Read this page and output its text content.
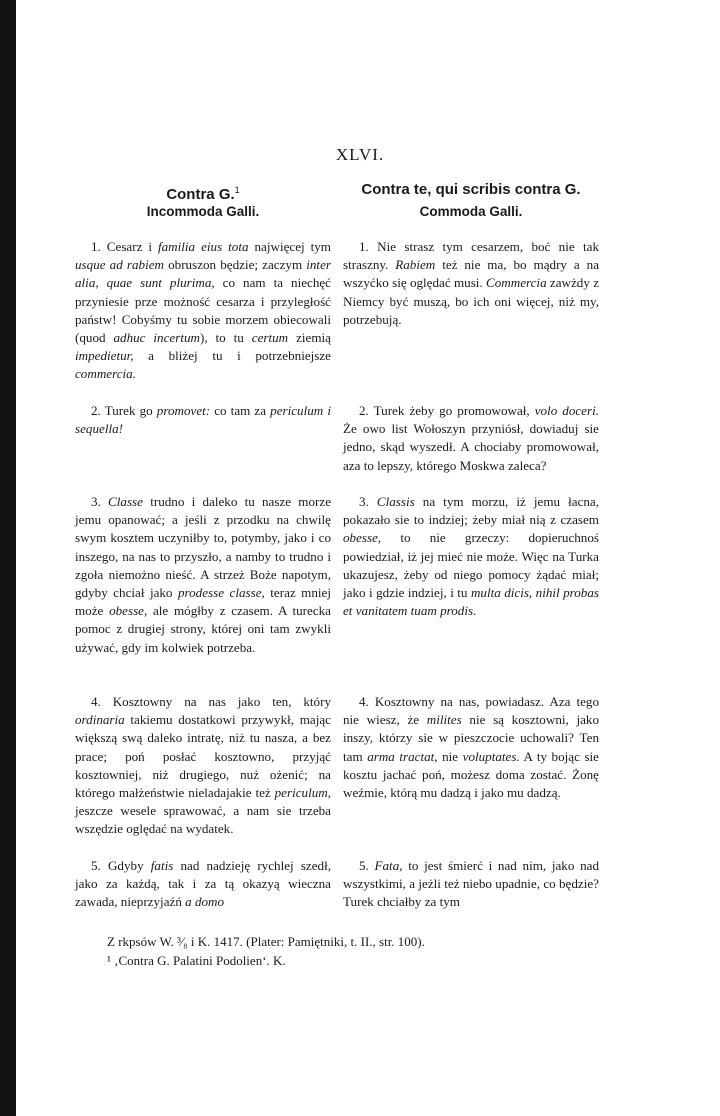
XLVI.
Contra G.$^1$
Incommoda Galli.

1. Cesarz i familia eius tota najwięcej tym usque ad rabiem obruszon będzie; zaczym inter alia, quae sunt plurima, co nam ta niechęć przyniesie prze możność cesarza i przyległość państw! Cobyśmy tu sobie morzem obiecowali (quod adhuc incertum), to tu certum ziemią impedietur, a bliżej tu i potrzebniejsze commercia.

2. Turek go promovet: co tam za periculum i sequella!

3. Classe trudno i daleko tu nasze morze jemu opanować; a jeśli z przodku na chwilę swym kosztem uczyniłby to, potymby, jako i co inszego, na nas to przyszło, a namby to trudno i zgoła niemożno nieść. A strzeż Boże napotym, gdyby chciał jako prodesse classe, teraz mniej może obesse, ale mógłby z czasem. A turecka pomoc z drugiej strony, której oni tam zwykli używać, gdy im kolwiek potrzeba.

4. Kosztowny na nas jako ten, który ordinaria takiemu dostatkowi przywykł, mając większą swą daleko intratę, niż tu nasza, a bez prace; poń posłać kosztowno, przyjąć kosztowniej, niż drugiego, nuż ożenić; na którego małżeństwie nieladajakie też periculum, jeszcze wesele sprawować, a nam sie trzeba wszędzie oględać na wydatek.

5. Gdyby fatis nad nadzieję rychlej szedł, jako za każdą, tak i za tą okazyą wieczna zawada, nieprzyjaźń a domo

Contra te, qui scribis contra G.
Commoda Galli.

1. Nie strasz tym cesarzem, boć nie tak straszny. Rabiem też nie ma, bo mądry a na wszyćko się oględać musi. Commercia zawżdy z Niemcy być muszą, bo ich oni więcej, niż my, potrzebują.

2. Turek żeby go promowował, volo doceri. Że owo list Wołoszyn przyniósł, dowiaduj sie jedno, skąd wyszedł. A chociaby promowował, aza to lepszy, którego Moskwa zaleca?

3. Classis na tym morzu, iż jemu łacna, pokazało sie to indziej; żeby miał nią z czasem obesse, to nie grzeczy: dopieruchnoś powiedział, iż jej mieć nie może. Więc na Turka ukazujesz, żeby od niego pomocy żądać miał; jako i gdzie indziej, i tu multa dicis, nihil probas et vanitatem tuam prodis.

4. Kosztowny na nas, powiadasz. Aza tego nie wiesz, że milites nie są kosztowni, jako inszy, którzy sie w pieszczocie uchowali? Ten tam arma tractat, nie voluptates. A ty bojąc sie kosztu jachać poń, możesz doma zostać. Żonę weźmie, którą mu dadzą i jako mu dadzą.

5. Fata, to jest śmierć i nad nim, jako nad wszystkimi, a jeżli też niebo upadnie, co będzie? Turek chciałby za tym

Z rkpsów W. ³⁄₈ i K. 1417. (Plater: Pamiętniki, t. II., str. 100).
¹ ‚Contra G. Palatini Podolien‘. K.
